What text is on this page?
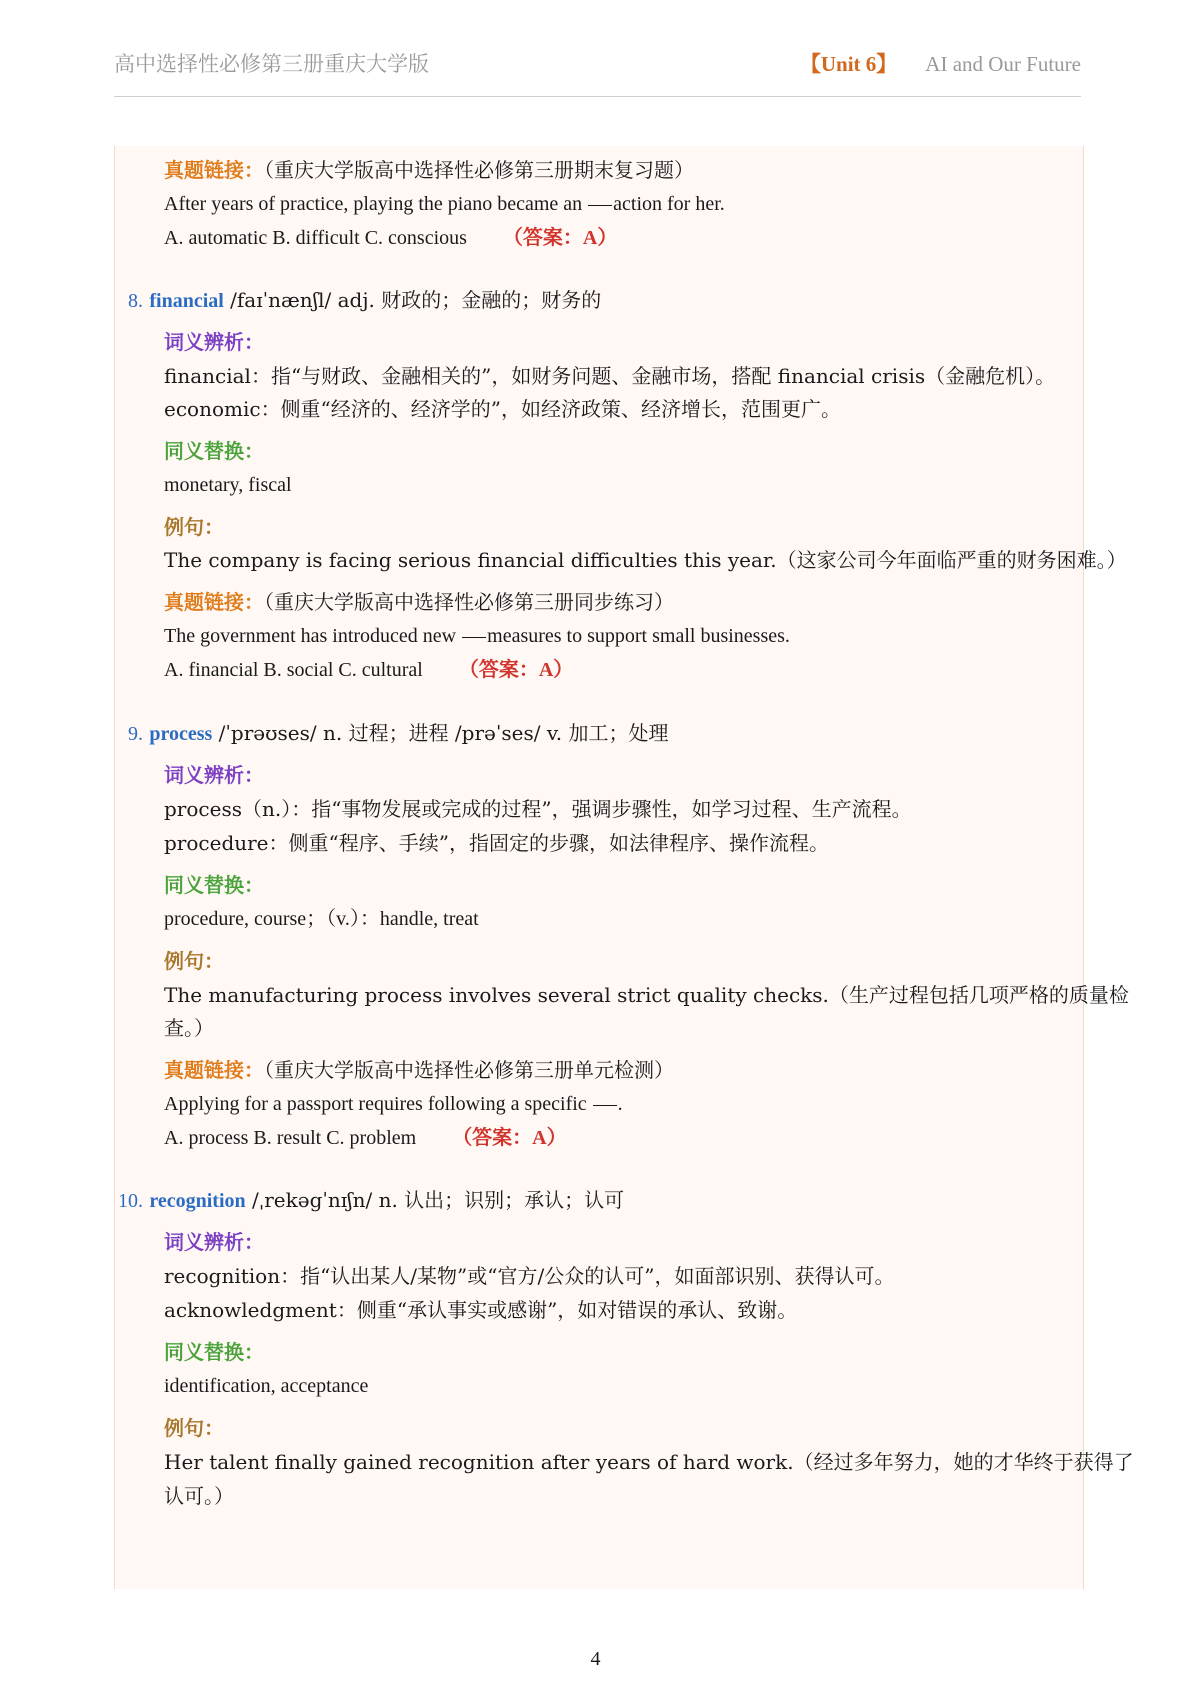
高中选择性必修第三册重庆大学版	【Unit 6】 AI and Our Future
真题链接：（重庆大学版高中选择性必修第三册期末复习题）
After years of practice, playing the piano became an action for her.
A. automatic B. difficult C. conscious （答案：A）
8. financial /faɪˈnænʃl/ adj. 财政的；金融的；财务的
词义辨析：
financial：指“与财政、金融相关的”，如财务问题、金融市场，搭配 financial crisis（金融危机）。
economic：侧重“经济的、经济学的”，如经济政策、经济增长，范围更广。
同义替换：
monetary, fiscal
例句：
The company is facing serious financial difficulties this year.（这家公司今年面临严重的财务困难。）
真题链接：（重庆大学版高中选择性必修第三册同步练习）
The government has introduced new measures to support small businesses.
A. financial B. social C. cultural （答案：A）
9. process /ˈprəʊses/ n. 过程；进程 /prəˈses/ v. 加工；处理
词义辨析：
process（n.）：指“事物发展或完成的过程”，强调步骤性，如学习过程、生产流程。
procedure：侧重“程序、手续”，指固定的步骤，如法律程序、操作流程。
同义替换：
procedure, course；（v.）：handle, treat
例句：
The manufacturing process involves several strict quality checks.（生产过程包括几项严格的质量检
查。）
真题链接：（重庆大学版高中选择性必修第三册单元检测）
Applying for a passport requires following a specific .
A. process B. result C. problem （答案：A）
10. recognition /ˌrekəgˈnɪʃn/ n. 认出；识别；承认；认可
词义辨析：
recognition：指“认出某人/某物”或“官方/公众的认可”，如面部识别、获得认可。
acknowledgment：侧重“承认事实或感谢”，如对错误的承认、致谢。
同义替换：
identification, acceptance
例句：
Her talent finally gained recognition after years of hard work.（经过多年努力，她的才华终于获得了
认可。）
4
